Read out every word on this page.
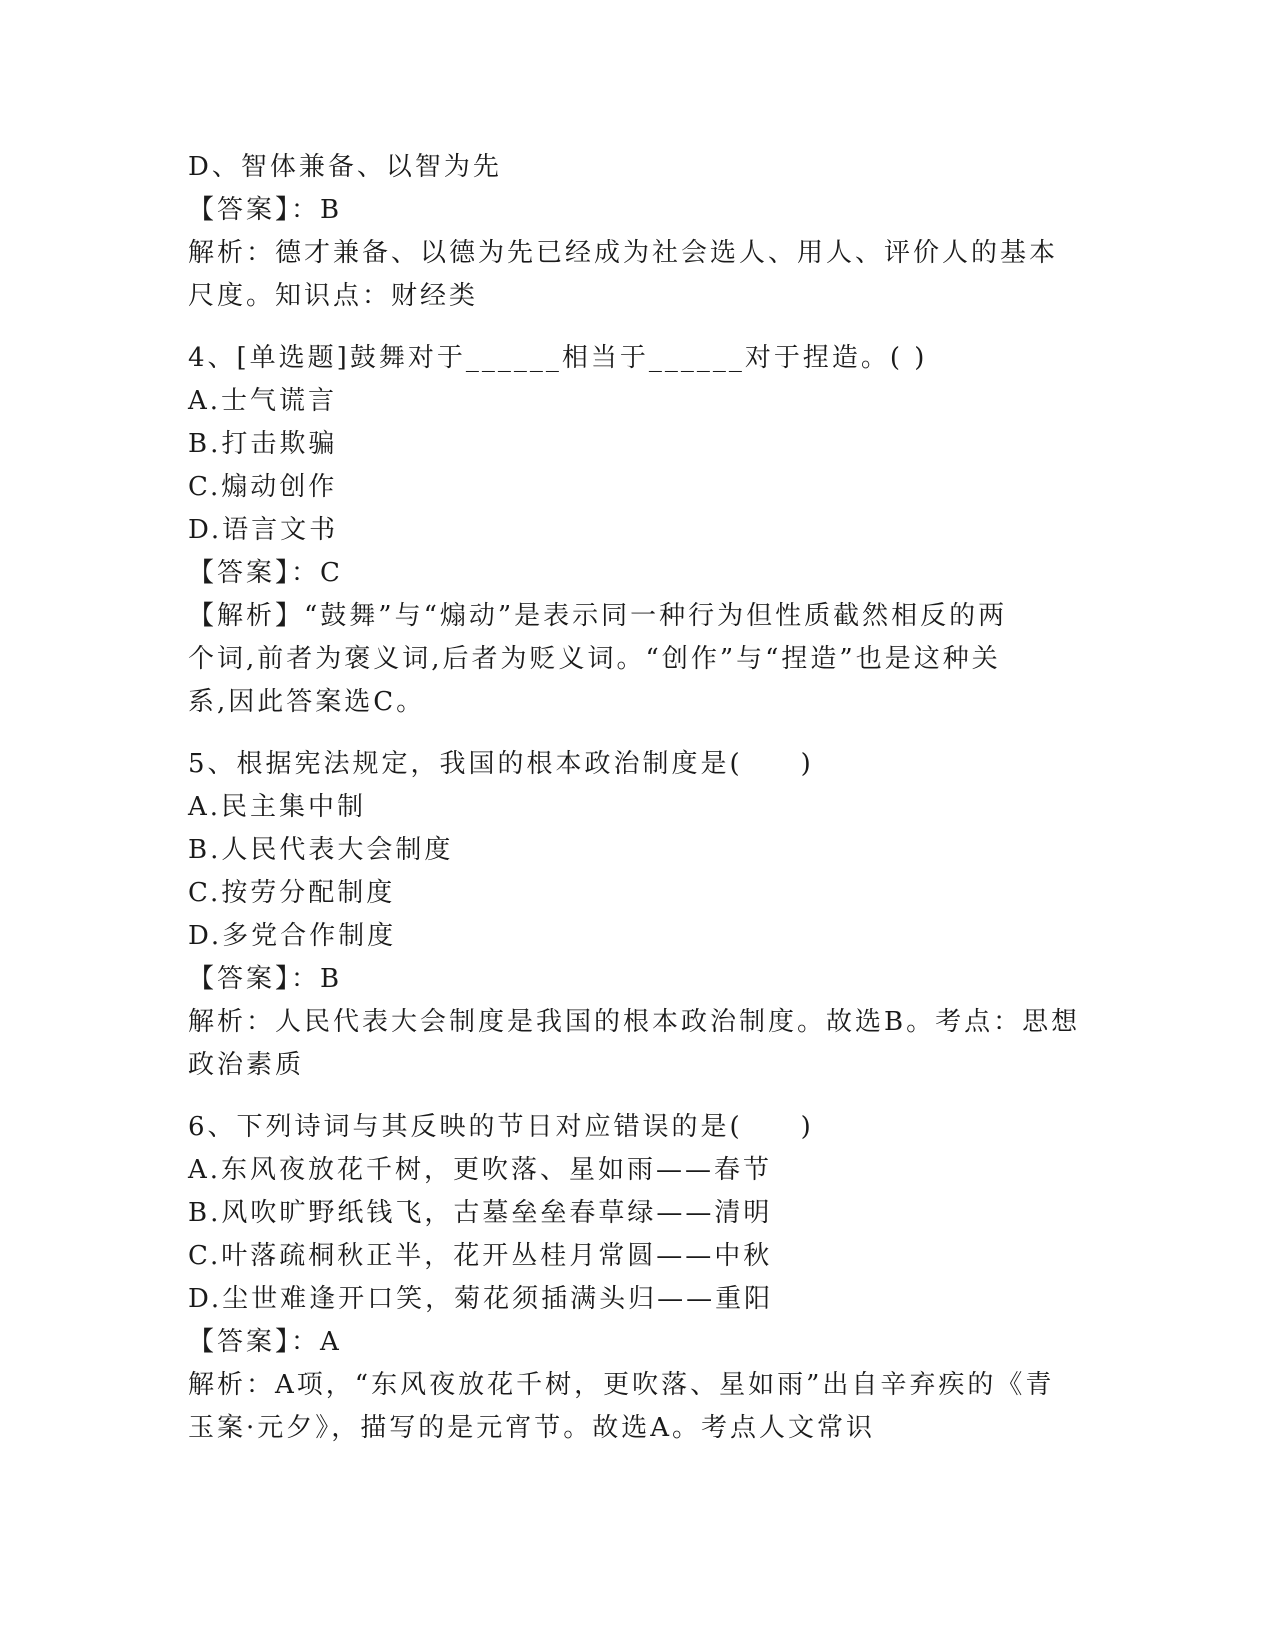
D、智体兼备、以智为先
【答案】：B
解析：德才兼备、以德为先已经成为社会选人、用人、评价人的基本
尺度。知识点：财经类
4、[单选题]鼓舞对于______相当于______对于捏造。( )
A.士气谎言
B.打击欺骗
C.煽动创作
D.语言文书
【答案】：C
【解析】“鼓舞”与“煽动”是表示同一种行为但性质截然相反的两
个词,前者为褒义词,后者为贬义词。“创作”与“捏造”也是这种关
系,因此答案选C。
5、根据宪法规定，我国的根本政治制度是(　　)
A.民主集中制
B.人民代表大会制度
C.按劳分配制度
D.多党合作制度
【答案】：B
解析：人民代表大会制度是我国的根本政治制度。故选B。考点：思想
政治素质
6、下列诗词与其反映的节日对应错误的是(　　)
A.东风夜放花千树，更吹落、星如雨——春节
B.风吹旷野纸钱飞，古墓垒垒春草绿——清明
C.叶落疏桐秋正半，花开丛桂月常圆——中秋
D.尘世难逢开口笑，菊花须插满头归——重阳
【答案】：A
解析：A项，“东风夜放花千树，更吹落、星如雨”出自辛弃疾的《青
玉案·元夕》，描写的是元宵节。故选A。考点人文常识
